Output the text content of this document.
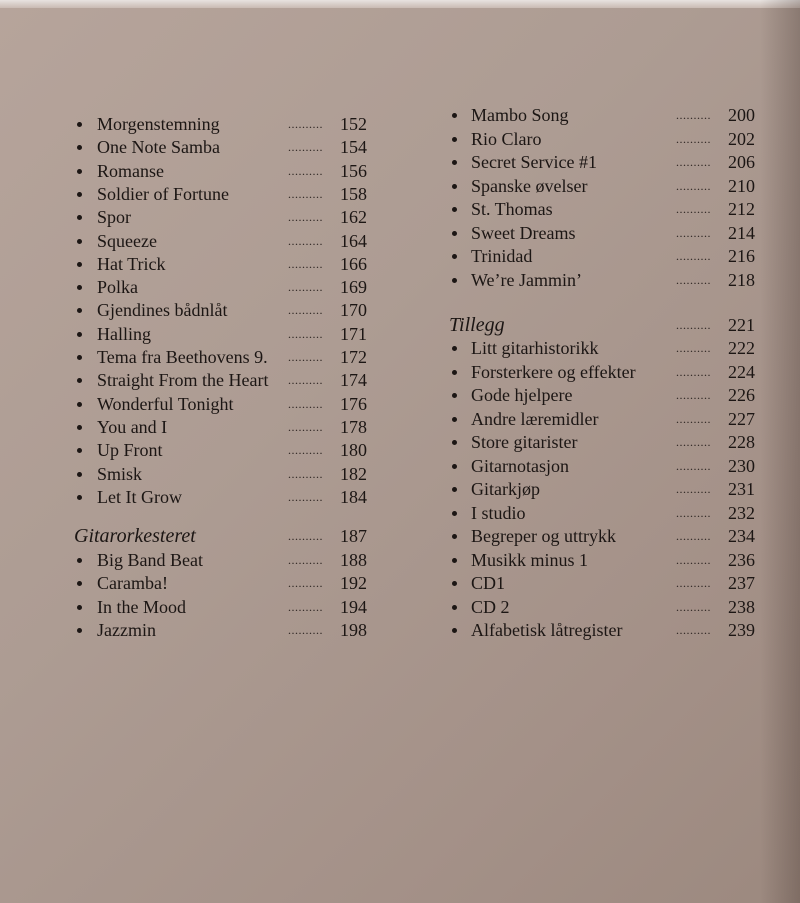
Morgenstemning	.......... 152
One Note Samba	.......... 154
Romanse	.......... 156
Soldier of Fortune	.......... 158
Spor	.......... 162
Squeeze	.......... 164
Hat Trick	.......... 166
Polka	.......... 169
Gjendines bådnlåt	.......... 170
Halling	.......... 171
Tema fra Beethovens 9. .......... 172
Straight From the Heart .......... 174
Wonderful Tonight	.......... 176
You and I	.......... 178
Up Front	.......... 180
Smisk	.......... 182
Let It Grow	.......... 184
Gitarorkesteret	.......... 187
Big Band Beat	.......... 188
Caramba!	.......... 192
In the Mood	.......... 194
Jazzmin	.......... 198
Mambo Song	.......... 200
Rio Claro	.......... 202
Secret Service #1	.......... 206
Spanske øvelser	.......... 210
St. Thomas	.......... 212
Sweet Dreams	.......... 214
Trinidad	.......... 216
We’re Jammin’	.......... 218
Tillegg	.......... 221
Litt gitarhistorikk	.......... 222
Forsterkere og effekter	.......... 224
Gode hjelpere	.......... 226
Andre læremidler	.......... 227
Store gitarister	.......... 228
Gitarnotasjon	.......... 230
Gitarkjøp	.......... 231
I studio	.......... 232
Begreper og uttrykk	.......... 234
Musikk minus 1	.......... 236
CD1	.......... 237
CD 2	.......... 238
Alfabetisk låtregister	.......... 239
